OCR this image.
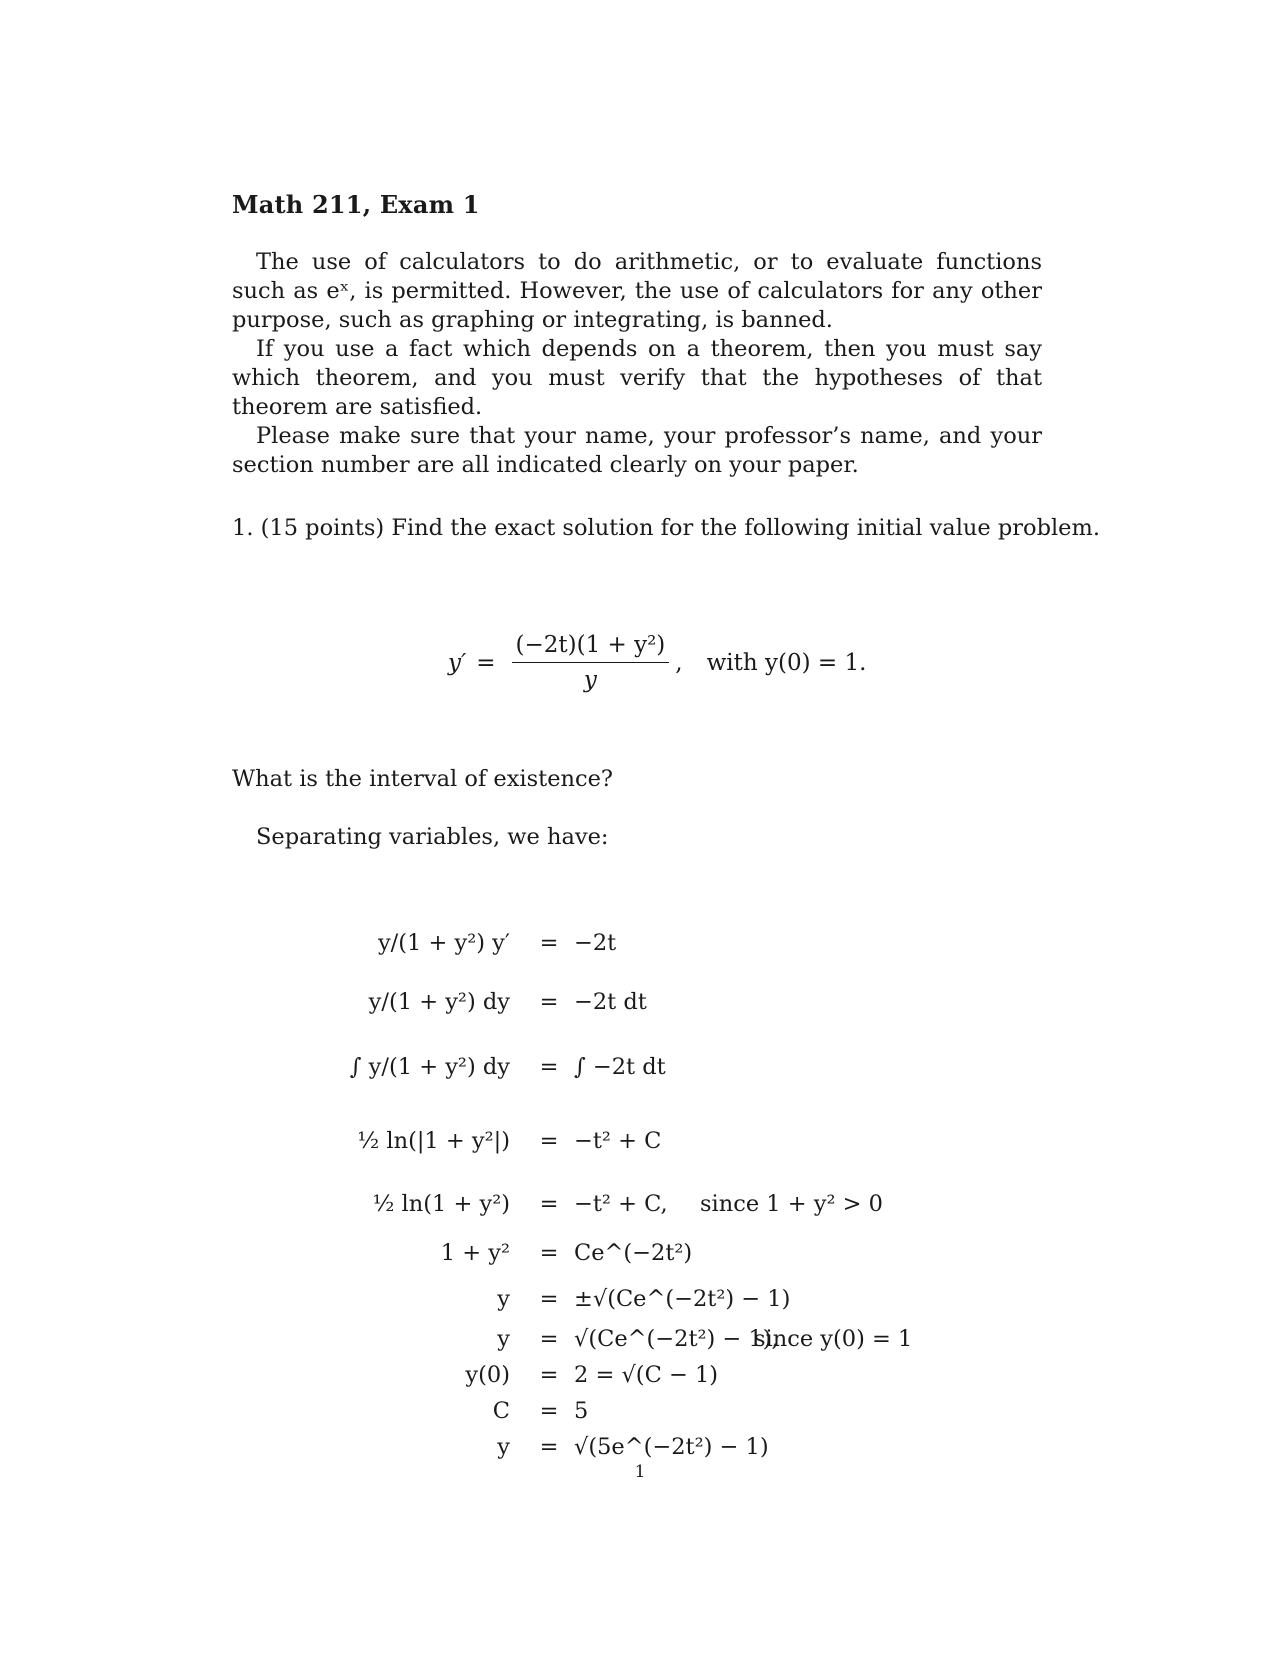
Math 211, Exam 1

The use of calculators to do arithmetic, or to evaluate functions such as eˣ, is permitted. However, the use of calculators for any other purpose, such as graphing or integrating, is banned.

If you use a fact which depends on a theorem, then you must say which theorem, and you must verify that the hypotheses of that theorem are satisfied.

Please make sure that your name, your professor’s name, and your section number are all indicated clearly on your paper.

1. (15 points) Find the exact solution for the following initial value problem.
$y' = \frac{\text{(−2t)(1 + y²)}}{y}$ , with y(0) = 1.
What is the interval of existence?
Separating variables, we have:
y/(1 + y²) y′ = −2t
y/(1 + y²) dy = −2t dt
∫ y/(1 + y²) dy = ∫ −2t dt
½ ln(|1 + y²|) = −t² + C
½ ln(1 + y²) = −t² + C, since 1 + y² > 0
1 + y² = Ce^(−2t²)
y = ±√(Ce^(−2t²) − 1)
y = √(Ce^(−2t²) − 1),
since y(0) = 1
y(0) = 2 = √(C − 1)
C = 5
y = √(5e^(−2t²) − 1)
1
